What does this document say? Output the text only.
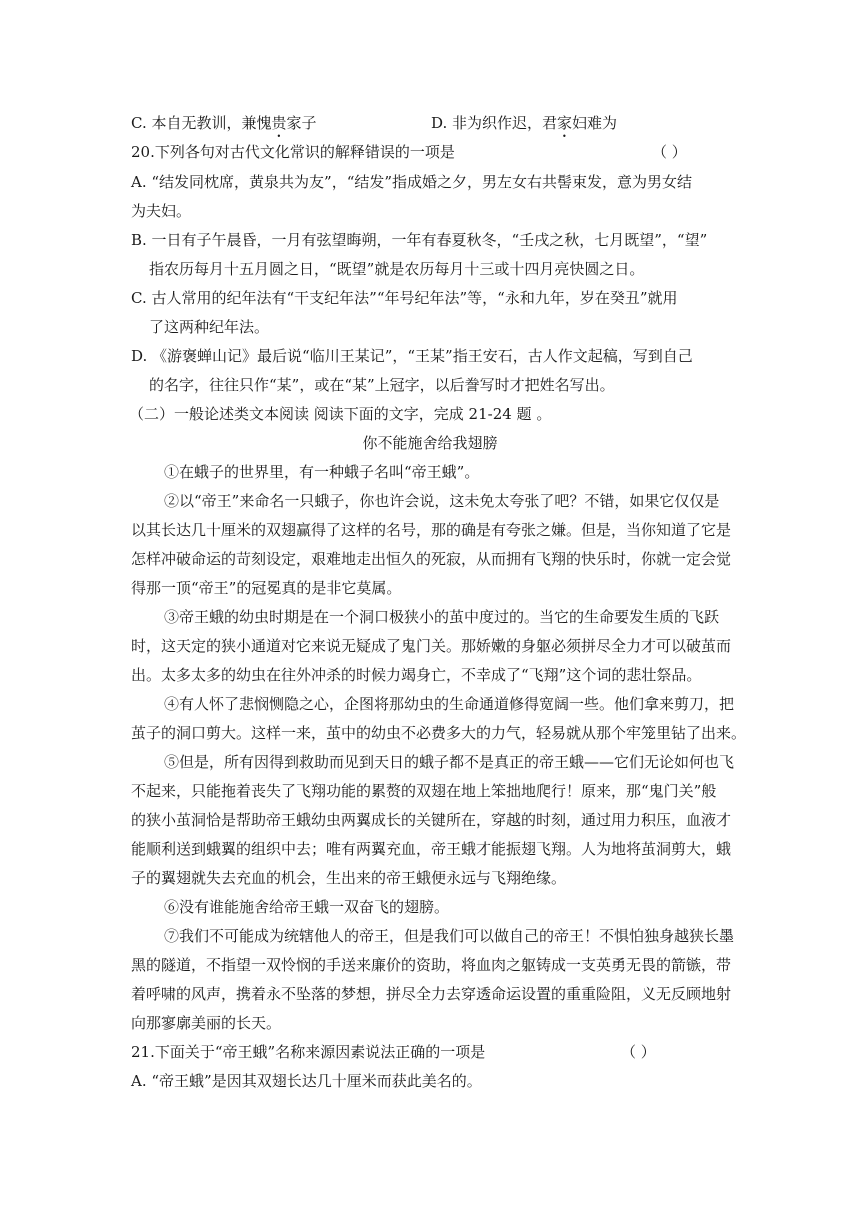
C. 本自无教训，兼愧贵家子	D. 非为织作迟，君家妇难为
20.下列各句对古代文化常识的解释错误的一项是	（ ）
A. “结发同枕席，黄泉共为友”，“结发”指成婚之夕，男左女右共髻束发，意为男女结
为夫妇。
B. 一日有子午晨昏，一月有弦望晦朔，一年有春夏秋冬，“壬戌之秋，七月既望”，“望”
指农历每月十五月圆之日，“既望”就是农历每月十三或十四月亮快圆之日。
C. 古人常用的纪年法有“干支纪年法”“年号纪年法”等，“永和九年，岁在癸丑”就用
了这两种纪年法。
D. 《游褒蝉山记》最后说“临川王某记”，“王某”指王安石，古人作文起稿，写到自己
的名字，往往只作“某”，或在“某”上冠字，以后誊写时才把姓名写出。
（二）一般论述类文本阅读 阅读下面的文字，完成 21-24 题 。
你不能施舍给我翅膀
①在蛾子的世界里，有一种蛾子名叫“帝王蛾”。
②以“帝王”来命名一只蛾子，你也许会说，这未免太夸张了吧？不错，如果它仅仅是
以其长达几十厘米的双翅赢得了这样的名号，那的确是有夸张之嫌。但是，当你知道了它是
怎样冲破命运的苛刻设定，艰难地走出恒久的死寂，从而拥有飞翔的快乐时，你就一定会觉
得那一顶“帝王”的冠冕真的是非它莫属。
③帝王蛾的幼虫时期是在一个洞口极狭小的茧中度过的。当它的生命要发生质的飞跃
时，这天定的狭小通道对它来说无疑成了鬼门关。那娇嫩的身躯必须拼尽全力才可以破茧而
出。太多太多的幼虫在往外冲杀的时候力竭身亡，不幸成了“飞翔”这个词的悲壮祭品。
④有人怀了悲悯恻隐之心，企图将那幼虫的生命通道修得宽阔一些。他们拿来剪刀，把
茧子的洞口剪大。这样一来，茧中的幼虫不必费多大的力气，轻易就从那个牢笼里钻了出来。
⑤但是，所有因得到救助而见到天日的蛾子都不是真正的帝王蛾——它们无论如何也飞
不起来，只能拖着丧失了飞翔功能的累赘的双翅在地上笨拙地爬行！原来，那“鬼门关”般
的狭小茧洞恰是帮助帝王蛾幼虫两翼成长的关键所在，穿越的时刻，通过用力积压，血液才
能顺利送到蛾翼的组织中去；唯有两翼充血，帝王蛾才能振翅飞翔。人为地将茧洞剪大，蛾
子的翼翅就失去充血的机会，生出来的帝王蛾便永远与飞翔绝缘。
⑥没有谁能施舍给帝王蛾一双奋飞的翅膀。
⑦我们不可能成为统辖他人的帝王，但是我们可以做自己的帝王！不惧怕独身越狭长墨
黑的隧道，不指望一双怜悯的手送来廉价的资助，将血肉之躯铸成一支英勇无畏的箭镞，带
着呼啸的风声，携着永不坠落的梦想，拼尽全力去穿透命运设置的重重险阻，义无反顾地射
向那寥廓美丽的长天。
21.下面关于“帝王蛾”名称来源因素说法正确的一项是	（ ）
A. “帝王蛾”是因其双翅长达几十厘米而获此美名的。
